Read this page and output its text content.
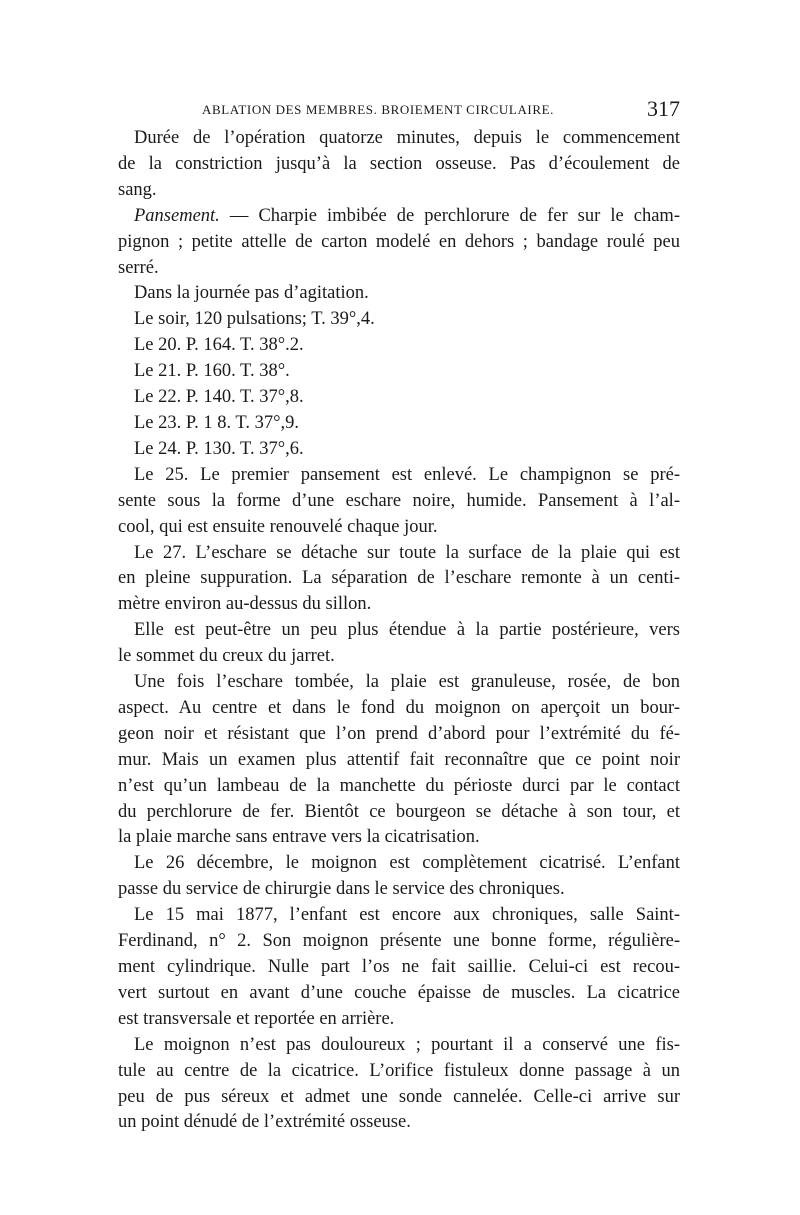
ABLATION DES MEMBRES. BROIEMENT CIRCULAIRE.	317
Durée de l’opération quatorze minutes, depuis le commencement
de la constriction jusqu’à la section osseuse. Pas d’écoulement de
sang.
Pansement. — Charpie imbibée de perchlorure de fer sur le cham-
pignon ; petite attelle de carton modelé en dehors ; bandage roulé peu
serré.
Dans la journée pas d’agitation.
Le soir, 120 pulsations; T. 39°,4.
Le 20. P. 164. T. 38°.2.
Le 21. P. 160. T. 38°.
Le 22. P. 140. T. 37°,8.
Le 23. P. 1 8. T. 37°,9.
Le 24. P. 130. T. 37°,6.
Le 25. Le premier pansement est enlevé. Le champignon se pré-
sente sous la forme d’une eschare noire, humide. Pansement à l’al-
cool, qui est ensuite renouvelé chaque jour.
Le 27. L’eschare se détache sur toute la surface de la plaie qui est
en pleine suppuration. La séparation de l’eschare remonte à un centi-
mètre environ au-dessus du sillon.
Elle est peut-être un peu plus étendue à la partie postérieure, vers
le sommet du creux du jarret.
Une fois l’eschare tombée, la plaie est granuleuse, rosée, de bon
aspect. Au centre et dans le fond du moignon on aperçoit un bour-
geon noir et résistant que l’on prend d’abord pour l’extrémité du fé-
mur. Mais un examen plus attentif fait reconnaître que ce point noir
n’est qu’un lambeau de la manchette du périoste durci par le contact
du perchlorure de fer. Bientôt ce bourgeon se détache à son tour, et
la plaie marche sans entrave vers la cicatrisation.
Le 26 décembre, le moignon est complètement cicatrisé. L’enfant
passe du service de chirurgie dans le service des chroniques.
Le 15 mai 1877, l’enfant est encore aux chroniques, salle Saint-
Ferdinand, n° 2. Son moignon présente une bonne forme, régulière-
ment cylindrique. Nulle part l’os ne fait saillie. Celui-ci est recou-
vert surtout en avant d’une couche épaisse de muscles. La cicatrice
est transversale et reportée en arrière.
Le moignon n’est pas douloureux ; pourtant il a conservé une fis-
tule au centre de la cicatrice. L’orifice fistuleux donne passage à un
peu de pus séreux et admet une sonde cannelée. Celle-ci arrive sur
un point dénudé de l’extrémité osseuse.
